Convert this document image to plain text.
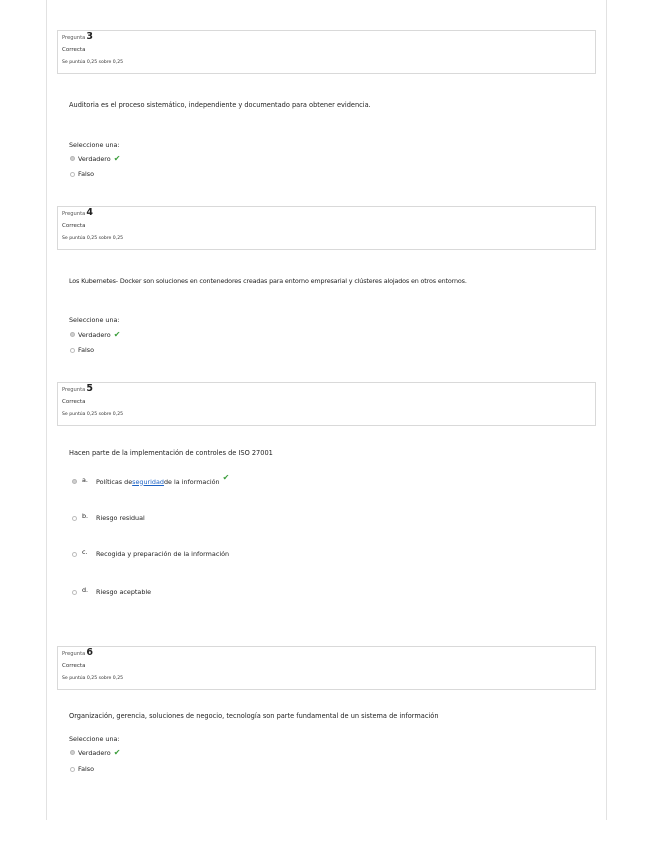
Pregunta3
Correcta
Se puntúa 0,25 sobre 0,25
Auditoria es el proceso sistemático, independiente y documentado para obtener evidencia.
Seleccione una:
Verdadero ✔
Falso
Pregunta4
Correcta
Se puntúa 0,25 sobre 0,25
Los Kubernetes- Docker son soluciones en contenedores creadas para entorno empresarial y clústeres alojados en otros entornos.
Seleccione una:
Verdadero ✔
Falso
Pregunta5
Correcta
Se puntúa 0,25 sobre 0,25
Hacen parte de la implementación de controles de ISO 27001
a.	Políticas de seguridad de la información ✔
b.	Riesgo residual
c.	Recogida y preparación de la información
d.	Riesgo aceptable
Pregunta6
Correcta
Se puntúa 0,25 sobre 0,25
Organización, gerencia, soluciones de negocio, tecnología son parte fundamental de un sistema de información
Seleccione una:
Verdadero ✔
Falso
